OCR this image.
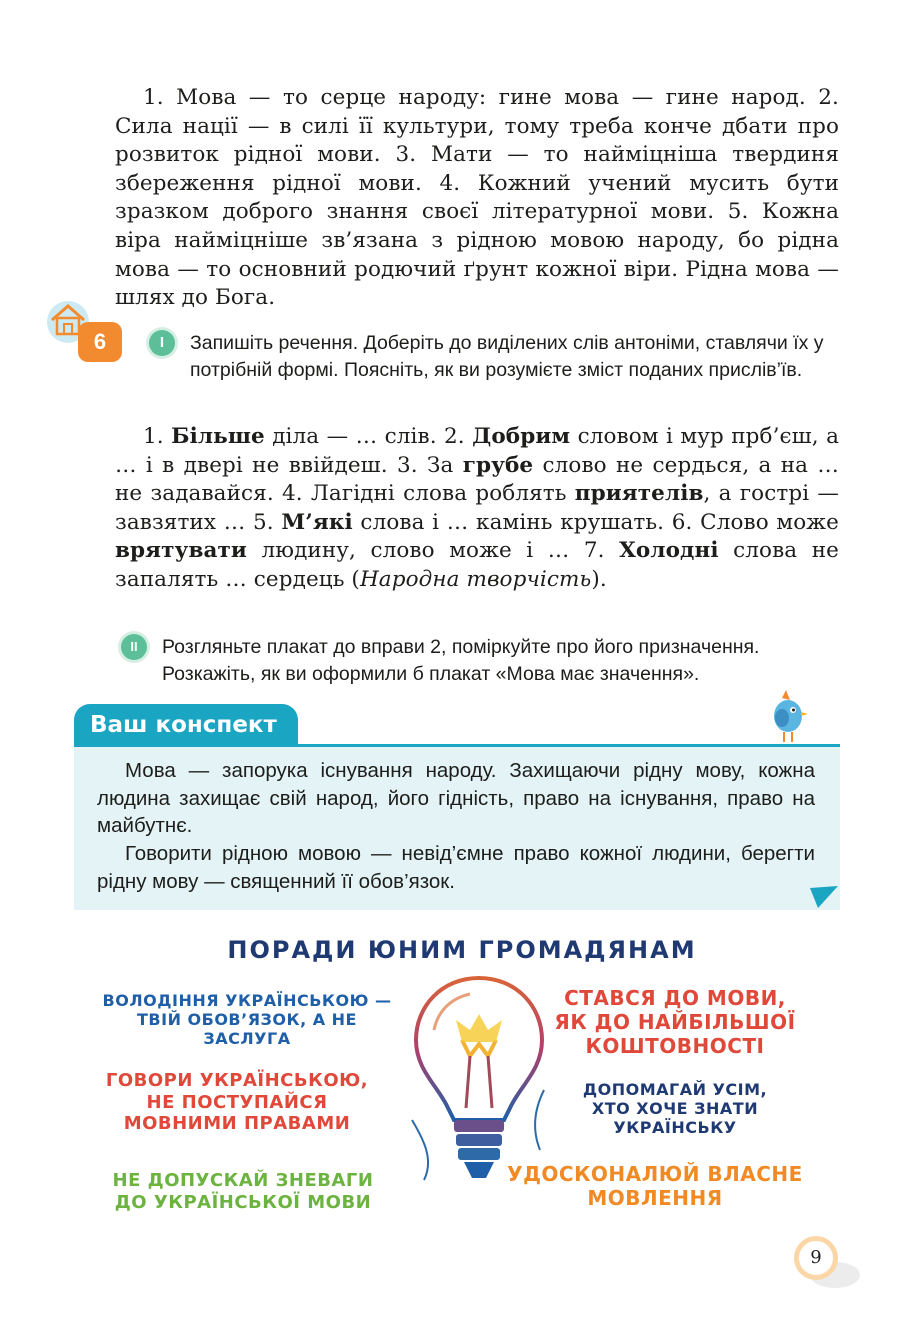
1. Мова — то серце народу: гине мова — гине народ. 2. Сила нації — в силі її культури, тому треба конче дбати про розвиток рідної мови. 3. Мати — то наймiцніша твердиня збереження рідної мови. 4. Кожний учений мусить бути зразком доброго знання своєї літературної мови. 5. Кожна віра наймiцніше зв’язана з рідною мовою народу, бо рідна мова — то основний родючий ґрунт кожної віри. Рідна мова — шлях до Бога.

6	I	Запишіть речення. Доберіть до виділених слів антоніми, ставлячи їх у потрібній формі. Поясніть, як ви розумієте зміст поданих прислів’їв.

1. Більше діла — … слів. 2. Добрим словом і мур прб’єш, а … і в двері не ввійдеш. 3. За грубе слово не сердься, а на … не задавайся. 4. Лагідні слова роблять приятелів, а гострі — завзятих … 5. М’які слова і … камінь крушать. 6. Слово може врятувати людину, слово може і … 7. Холодні слова не запалять … сердець (Народна творчість).

II	Розгляньте плакат до вправи 2, поміркуйте про його призначення. Розкажіть, як ви оформили б плакат «Мова має значення».

Ваш конспект

Мова — запорука існування народу. Захищаючи рідну мову, кожна людина захищає свій народ, його гідність, право на існування, право на майбутнє.

Говорити рідною мовою — невід’ємне право кожної людини, берегти рідну мову — священний її обов’язок.

ПОРАДИ ЮНИМ ГРОМАДЯНАМ
ВОЛОДІННЯ УКРАЇНСЬКОЮ —
ТВІЙ ОБОВ’ЯЗОК, А НЕ ЗАСЛУГА
СТАВСЯ ДО МОВИ,
ЯК ДО НАЙБІЛЬШОЇ
КОШТОВНОСТІ
ГОВОРИ УКРАЇНСЬКОЮ,
НЕ ПОСТУПАЙСЯ
МОВНИМИ ПРАВАМИ
ДОПОМАГАЙ УСІМ,
ХТО ХОЧЕ ЗНАТИ
УКРАЇНСЬКУ
НЕ ДОПУСКАЙ ЗНЕВАГИ
ДО УКРАЇНСЬКОЇ МОВИ
УДОСКОНАЛЮЙ ВЛАСНЕ
МОВЛЕННЯ
9
